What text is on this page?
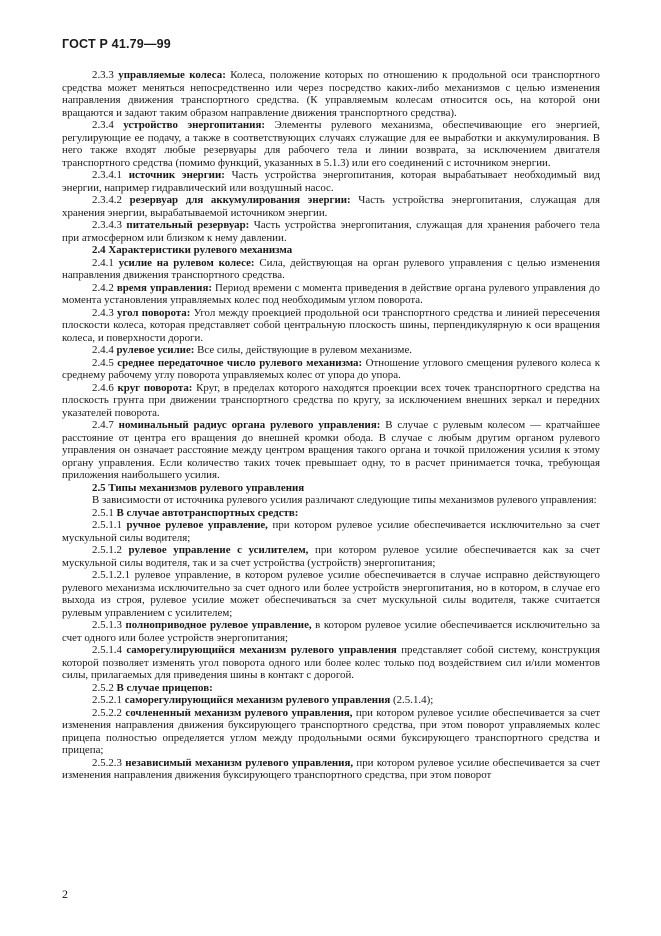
ГОСТ Р 41.79—99

2.3.3 управляемые колеса: Колеса, положение которых по отношению к продольной оси транспортного средства может меняться непосредственно или через посредство каких-либо механизмов с целью изменения направления движения транспортного средства. (К управляемым колесам относится ось, на которой они вращаются и задают таким образом направление движения транспортного средства).

2.3.4 устройство энергопитания: Элементы рулевого механизма, обеспечивающие его энергией, регулирующие ее подачу, а также в соответствующих случаях служащие для ее выработки и аккумулирования. В него также входят любые резервуары для рабочего тела и линии возврата, за исключением двигателя транспортного средства (помимо функций, указанных в 5.1.3) или его соединений с источником энергии.

2.3.4.1 источник энергии: Часть устройства энергопитания, которая вырабатывает необходимый вид энергии, например гидравлический или воздушный насос.

2.3.4.2 резервуар для аккумулирования энергии: Часть устройства энергопитания, служащая для хранения энергии, вырабатываемой источником энергии.

2.3.4.3 питательный резервуар: Часть устройства энергопитания, служащая для хранения рабочего тела при атмосферном или близком к нему давлении.

2.4 Характеристики рулевого механизма

2.4.1 усилие на рулевом колесе: Сила, действующая на орган рулевого управления с целью изменения направления движения транспортного средства.

2.4.2 время управления: Период времени с момента приведения в действие органа рулевого управления до момента установления управляемых колес под необходимым углом поворота.

2.4.3 угол поворота: Угол между проекцией продольной оси транспортного средства и линией пересечения плоскости колеса, которая представляет собой центральную плоскость шины, перпендикулярную к оси вращения колеса, и поверхности дороги.

2.4.4 рулевое усилие: Все силы, действующие в рулевом механизме.

2.4.5 среднее передаточное число рулевого механизма: Отношение углового смещения рулевого колеса к среднему рабочему углу поворота управляемых колес от упора до упора.

2.4.6 круг поворота: Круг, в пределах которого находятся проекции всех точек транспортного средства на плоскость грунта при движении транспортного средства по кругу, за исключением внешних зеркал и передних указателей поворота.

2.4.7 номинальный радиус органа рулевого управления: В случае с рулевым колесом — кратчайшее расстояние от центра его вращения до внешней кромки обода. В случае с любым другим органом рулевого управления он означает расстояние между центром вращения такого органа и точкой приложения усилия к этому органу управления. Если количество таких точек превышает одну, то в расчет принимается точка, требующая приложения наибольшего усилия.

2.5 Типы механизмов рулевого управления

В зависимости от источника рулевого усилия различают следующие типы механизмов рулевого управления:

2.5.1 В случае автотранспортных средств:

2.5.1.1 ручное рулевое управление, при котором рулевое усилие обеспечивается исключительно за счет мускульной силы водителя;

2.5.1.2 рулевое управление с усилителем, при котором рулевое усилие обеспечивается как за счет мускульной силы водителя, так и за счет устройства (устройств) энергопитания;

2.5.1.2.1 рулевое управление, в котором рулевое усилие обеспечивается в случае исправно действующего рулевого механизма исключительно за счет одного или более устройств энергопитания, но в котором, в случае его выхода из строя, рулевое усилие может обеспечиваться за счет мускульной силы водителя, также считается рулевым управлением с усилителем;

2.5.1.3 полноприводное рулевое управление, в котором рулевое усилие обеспечивается исключительно за счет одного или более устройств энергопитания;

2.5.1.4 саморегулирующийся механизм рулевого управления представляет собой систему, конструкция которой позволяет изменять угол поворота одного или более колес только под воздействием сил и/или моментов силы, прилагаемых для приведения шины в контакт с дорогой.

2.5.2 В случае прицепов:

2.5.2.1 саморегулирующийся механизм рулевого управления (2.5.1.4);

2.5.2.2 сочлененный механизм рулевого управления, при котором рулевое усилие обеспечивается за счет изменения направления движения буксирующего транспортного средства, при этом поворот управляемых колес прицепа полностью определяется углом между продольными осями буксирующего транспортного средства и прицепа;

2.5.2.3 независимый механизм рулевого управления, при котором рулевое усилие обеспечивается за счет изменения направления движения буксирующего транспортного средства, при этом поворот

2
